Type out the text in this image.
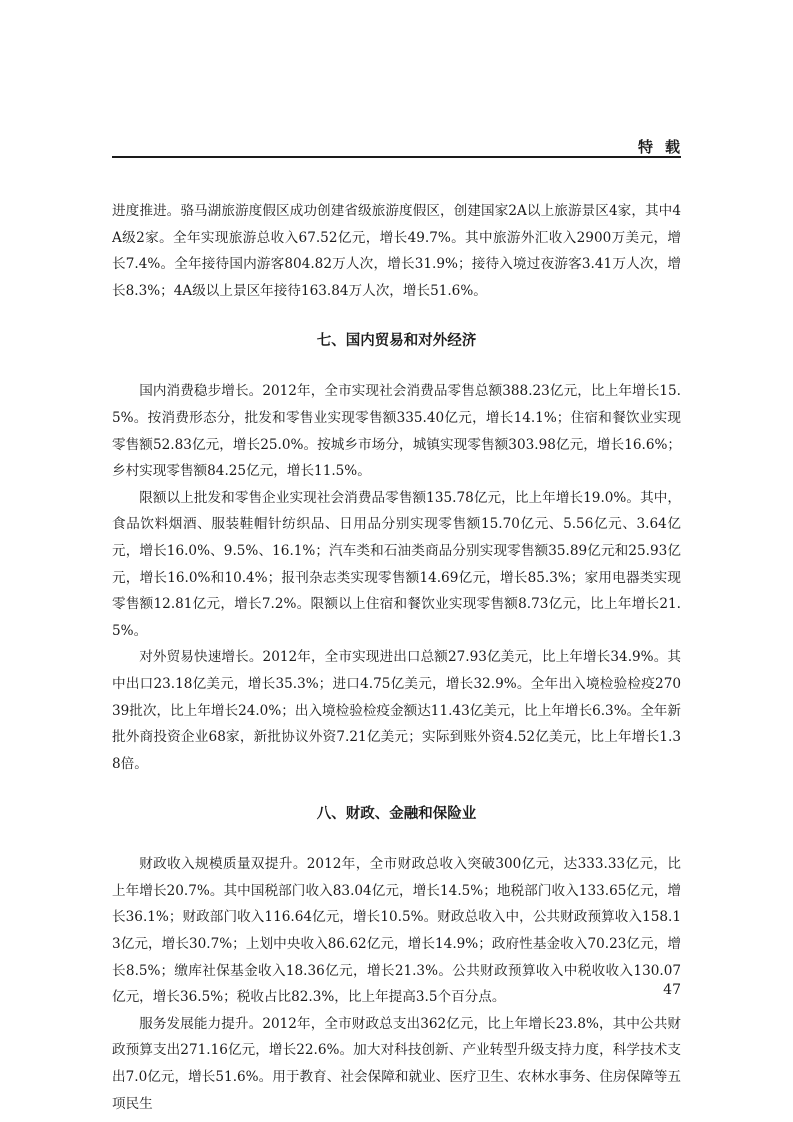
特载

进度推进。骆马湖旅游度假区成功创建省级旅游度假区，创建国家2A以上旅游景区4家，其中4A级2家。全年实现旅游总收入67.52亿元，增长49.7%。其中旅游外汇收入2900万美元，增长7.4%。全年接待国内游客804.82万人次，增长31.9%；接待入境过夜游客3.41万人次，增长8.3%；4A级以上景区年接待163.84万人次，增长51.6%。

七、国内贸易和对外经济

国内消费稳步增长。2012年，全市实现社会消费品零售总额388.23亿元，比上年增长15.5%。按消费形态分，批发和零售业实现零售额335.40亿元，增长14.1%；住宿和餐饮业实现零售额52.83亿元，增长25.0%。按城乡市场分，城镇实现零售额303.98亿元，增长16.6%；乡村实现零售额84.25亿元，增长11.5%。

限额以上批发和零售企业实现社会消费品零售额135.78亿元，比上年增长19.0%。其中，食品饮料烟酒、服装鞋帽针纺织品、日用品分别实现零售额15.70亿元、5.56亿元、3.64亿元，增长16.0%、9.5%、16.1%；汽车类和石油类商品分别实现零售额35.89亿元和25.93亿元，增长16.0%和10.4%；报刊杂志类实现零售额14.69亿元，增长85.3%；家用电器类实现零售额12.81亿元，增长7.2%。限额以上住宿和餐饮业实现零售额8.73亿元，比上年增长21.5%。

对外贸易快速增长。2012年，全市实现进出口总额27.93亿美元，比上年增长34.9%。其中出口23.18亿美元，增长35.3%；进口4.75亿美元，增长32.9%。全年出入境检验检疫27039批次，比上年增长24.0%；出入境检验检疫金额达11.43亿美元，比上年增长6.3%。全年新批外商投资企业68家，新批协议外资7.21亿美元；实际到账外资4.52亿美元，比上年增长1.38倍。

八、财政、金融和保险业

财政收入规模质量双提升。2012年，全市财政总收入突破300亿元，达333.33亿元，比上年增长20.7%。其中国税部门收入83.04亿元，增长14.5%；地税部门收入133.65亿元，增长36.1%；财政部门收入116.64亿元，增长10.5%。财政总收入中，公共财政预算收入158.13亿元，增长30.7%；上划中央收入86.62亿元，增长14.9%；政府性基金收入70.23亿元，增长8.5%；缴库社保基金收入18.36亿元，增长21.3%。公共财政预算收入中税收收入130.07亿元，增长36.5%；税收占比82.3%，比上年提高3.5个百分点。

服务发展能力提升。2012年，全市财政总支出362亿元，比上年增长23.8%，其中公共财政预算支出271.16亿元，增长22.6%。加大对科技创新、产业转型升级支持力度，科学技术支出7.0亿元，增长51.6%。用于教育、社会保障和就业、医疗卫生、农林水事务、住房保障等五项民生

47
